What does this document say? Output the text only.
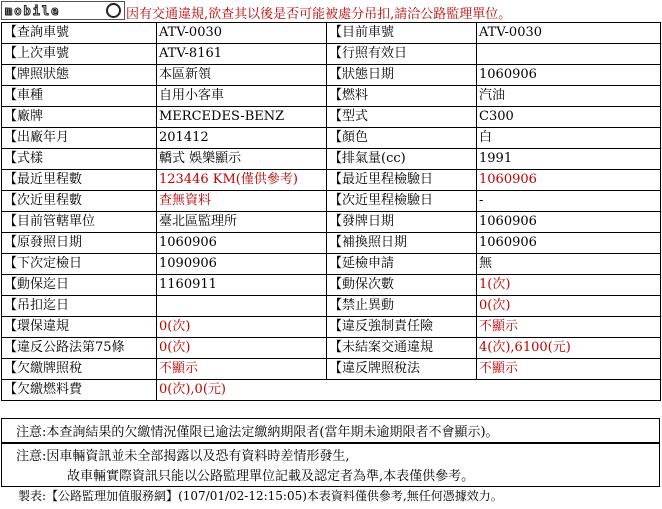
mobile	因有交通違規,欲查其以後是否可能被處分吊扣,請洽公路監理單位。
【查詢車號	ATV-0030	【目前車號	ATV-0030
【上次車號	ATV-8161	【行照有效日	
【牌照狀態	本區新領	【狀態日期	1060906
【車種	自用小客車	【燃料	汽油
【廠牌	MERCEDES-BENZ	【型式	C300
【出廠年月	201412	【顏色	白
【式樣	轎式 娛樂顯示	【排氣量(cc)	1991
【最近里程數	123446 KM(僅供參考)	【最近里程檢驗日	1060906
【次近里程數	查無資料	【次近里程檢驗日	-
【目前管轄單位	臺北區監理所	【發牌日期	1060906
【原發照日期	1060906	【補換照日期	1060906
【下次定檢日	1090906	【延檢申請	無
【動保迄日	1160911	【動保次數	1(次)
【吊扣迄日		【禁止異動	0(次)
【環保違規	0(次)	【違反強制責任險	不顯示
【違反公路法第75條	0(次)	【未結案交通違規	4(次),6100(元)
【欠繳牌照稅	不顯示	【違反牌照稅法	不顯示
【欠繳燃料費	0(次),0(元)		
注意:本查詢結果的欠繳情況僅限已逾法定繳納期限者(當年期未逾期限者不會顯示)。
注意:因車輛資訊並未全部揭露以及恐有資料時差情形發生,
故車輛實際資訊只能以公路監理單位記載及認定者為準,本表僅供參考。
製表:【公路監理加值服務網】(107/01/02-12:15:05)本表資料僅供參考,無任何憑據效力。
